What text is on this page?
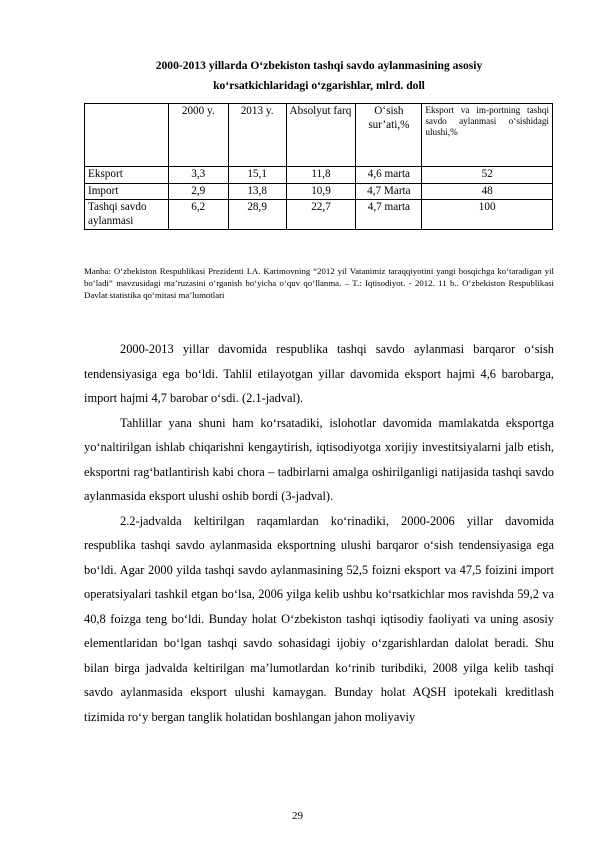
2000-2013 yillarda O‘zbekiston tashqi savdo aylanmasining asosiy
ko‘rsatkichlaridagi o‘zgarishlar, mlrd. doll
	2000 y.	2013 y.	Absolyut farq	O‘sish sur’ati,%	Eksport va im-portning tashqi savdo aylanmasi o‘sishidagi ulushi,%
Eksport	3,3	15,1	11,8	4,6 marta	52
Import	2,9	13,8	10,9	4,7 Marta	48
Tashqi savdo aylanmasi	6,2	28,9	22,7	4,7 marta	100
Manba: O‘zbekiston Respublikasi Prezidenti I.A. Karimovning “2012 yil Vatanimiz taraqqiyotini yangi bosqichga ko‘taradigan yil bo‘ladi” mavzusidagi ma’ruzasini o‘rganish bo‘yicha o‘quv qo‘llanma. – T.: Iqtisodiyot. - 2012. 11 b.. O‘zbekiston Respublikasi Davlat statistika qo‘mitasi ma’lumotlari

2000-2013 yillar davomida respublika tashqi savdo aylanmasi barqaror o‘sish tendensiyasiga ega bo‘ldi. Tahlil etilayotgan yillar davomida eksport hajmi 4,6 barobarga, import hajmi 4,7 barobar o‘sdi. (2.1-jadval).

Tahlillar yana shuni ham ko‘rsatadiki, islohotlar davomida mamlakatda eksportga yo‘naltirilgan ishlab chiqarishni kengaytirish, iqtisodiyotga xorijiy investitsiyalarni jalb etish, eksportni rag‘batlantirish kabi chora – tadbirlarni amalga oshirilganligi natijasida tashqi savdo aylanmasida eksport ulushi oshib bordi (3-jadval).

2.2-jadvalda keltirilgan raqamlardan ko‘rinadiki, 2000-2006 yillar davomida respublika tashqi savdo aylanmasida eksportning ulushi barqaror o‘sish tendensiyasiga ega bo‘ldi. Agar 2000 yilda tashqi savdo aylanmasining 52,5 foizni eksport va 47,5 foizini import operatsiyalari tashkil etgan bo‘lsa, 2006 yilga kelib ushbu ko‘rsatkichlar mos ravishda 59,2 va 40,8 foizga teng bo‘ldi. Bunday holat O‘zbekiston tashqi iqtisodiy faoliyati va uning asosiy elementlaridan bo‘lgan tashqi savdo sohasidagi ijobiy o‘zgarishlardan dalolat beradi. Shu bilan birga jadvalda keltirilgan ma’lumotlardan ko‘rinib turibdiki, 2008 yilga kelib tashqi savdo aylanmasida eksport ulushi kamaygan. Bunday holat AQSH ipotekali kreditlash tizimida ro‘y bergan tanglik holatidan boshlangan jahon moliyaviy

29
